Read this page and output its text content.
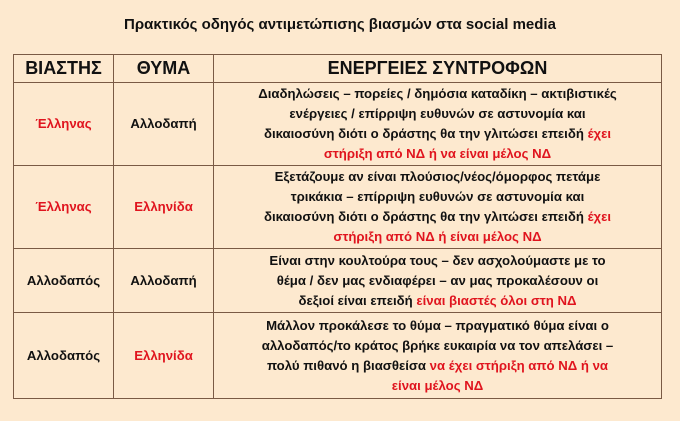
Πρακτικός οδηγός αντιμετώπισης βιασμών στα social media
ΒΙΑΣΤΗΣ	ΘΥΜΑ	ΕΝΕΡΓΕΙΕΣ ΣΥΝΤΡΟΦΩΝ
Έλληνας	Αλλοδαπή	Διαδηλώσεις – πορείες / δημόσια καταδίκη – ακτιβιστικές
ενέργειες / επίρριψη ευθυνών σε αστυνομία και
δικαιοσύνη διότι ο δράστης θα την γλιτώσει επειδή έχει
στήριξη από ΝΔ ή να είναι μέλος ΝΔ

Έλληνας	Ελληνίδα	Εξετάζουμε αν είναι πλούσιος/νέος/όμορφος πετάμε
τρικάκια – επίρριψη ευθυνών σε αστυνομία και
δικαιοσύνη διότι ο δράστης θα την γλιτώσει επειδή έχει
στήριξη από ΝΔ ή είναι μέλος ΝΔ

Αλλοδαπός	Αλλοδαπή	Είναι στην κουλτούρα τους – δεν ασχολούμαστε με το
θέμα / δεν μας ενδιαφέρει – αν μας προκαλέσουν οι
δεξιοί είναι επειδή είναι βιαστές όλοι στη ΝΔ

Αλλοδαπός	Ελληνίδα	Μάλλον προκάλεσε το θύμα – πραγματικό θύμα είναι ο
αλλοδαπός/το κράτος βρήκε ευκαιρία να τον απελάσει –
πολύ πιθανό η βιασθείσα να έχει στήριξη από ΝΔ ή να
είναι μέλος ΝΔ
